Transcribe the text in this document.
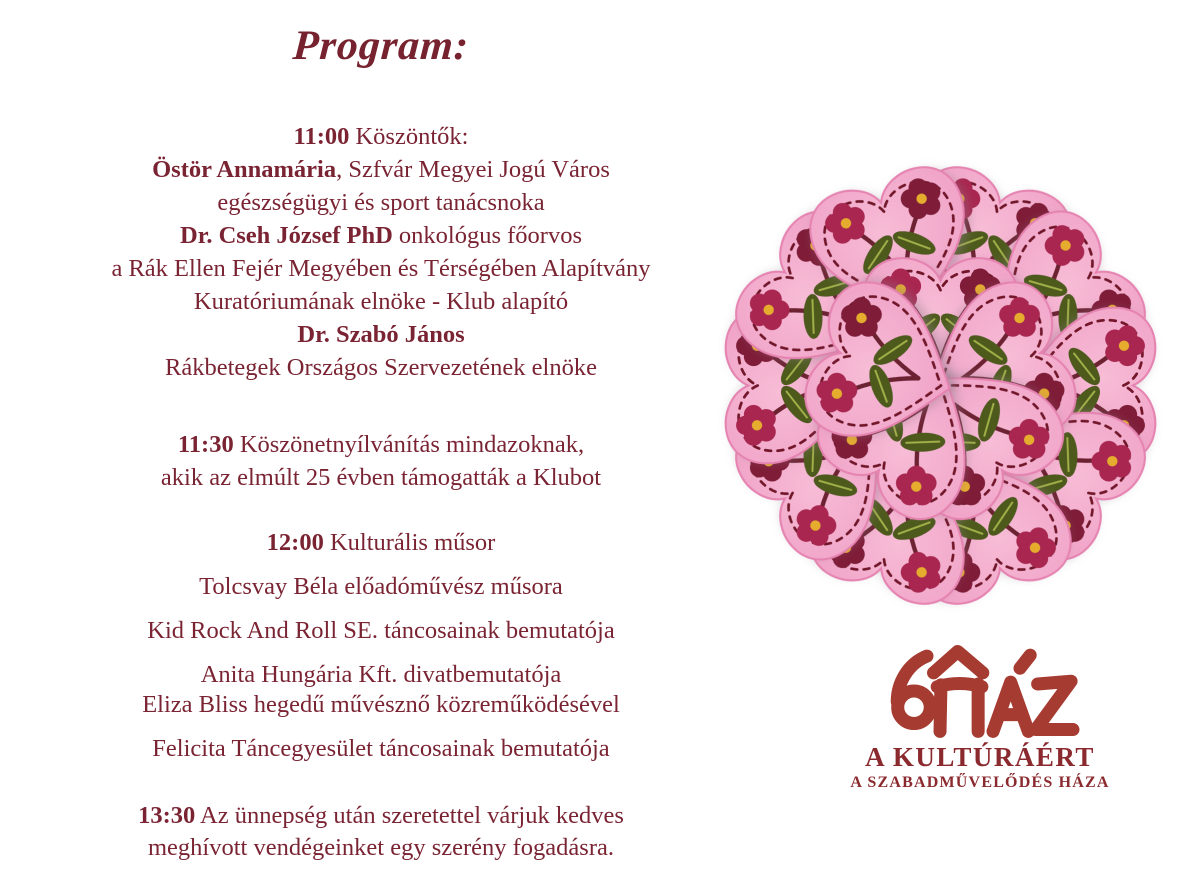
Program:

11:00 Köszöntők:

Östör Annamária, Szfvár Megyei Jogú Város

egészségügyi és sport tanácsnoka

Dr. Cseh József PhD onkológus főorvos

a Rák Ellen Fejér Megyében és Térségében Alapítvány

Kuratóriumának elnöke - Klub alapító

Dr. Szabó János

Rákbetegek Országos Szervezetének elnöke

11:30 Köszönetnyílvánítás mindazoknak,

akik az elmúlt 25 évben támogatták a Klubot

12:00 Kulturális műsor

Tolcsvay Béla előadóművész műsora

Kid Rock And Roll SE. táncosainak bemutatója

Anita Hungária Kft. divatbemutatója

Eliza Bliss hegedű művésznő közreműködésével

Felicita Táncegyesület táncosainak bemutatója

13:30 Az ünnepség után szeretettel várjuk kedves

meghívott vendégeinket egy szerény fogadásra.

A KULTÚRÁÉRT
A SZABADMŰVELŐDÉS HÁZA
